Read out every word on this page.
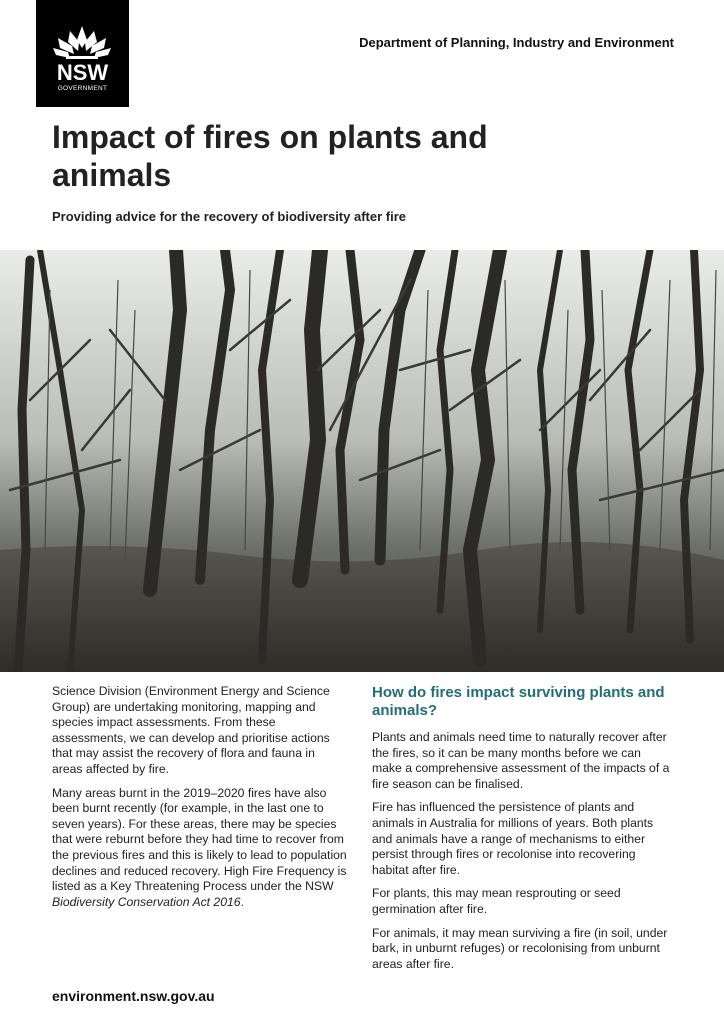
NSW
GOVERNMENT
Department of Planning, Industry and Environment
Impact of fires on plants and animals
Providing advice for the recovery of biodiversity after fire

Science Division (Environment Energy and Science Group) are undertaking monitoring, mapping and species impact assessments. From these assessments, we can develop and prioritise actions that may assist the recovery of flora and fauna in areas affected by fire.

Many areas burnt in the 2019–2020 fires have also been burnt recently (for example, in the last one to seven years). For these areas, there may be species that were reburnt before they had time to recover from the previous fires and this is likely to lead to population declines and reduced recovery. High Fire Frequency is listed as a Key Threatening Process under the NSW Biodiversity Conservation Act 2016.

How do fires impact surviving plants and animals?

Plants and animals need time to naturally recover after the fires, so it can be many months before we can make a comprehensive assessment of the impacts of a fire season can be finalised.

Fire has influenced the persistence of plants and animals in Australia for millions of years. Both plants and animals have a range of mechanisms to either persist through fires or recolonise into recovering habitat after fire.

For plants, this may mean resprouting or seed germination after fire.

For animals, it may mean surviving a fire (in soil, under bark, in unburnt refuges) or recolonising from unburnt areas after fire.

environment.nsw.gov.au
